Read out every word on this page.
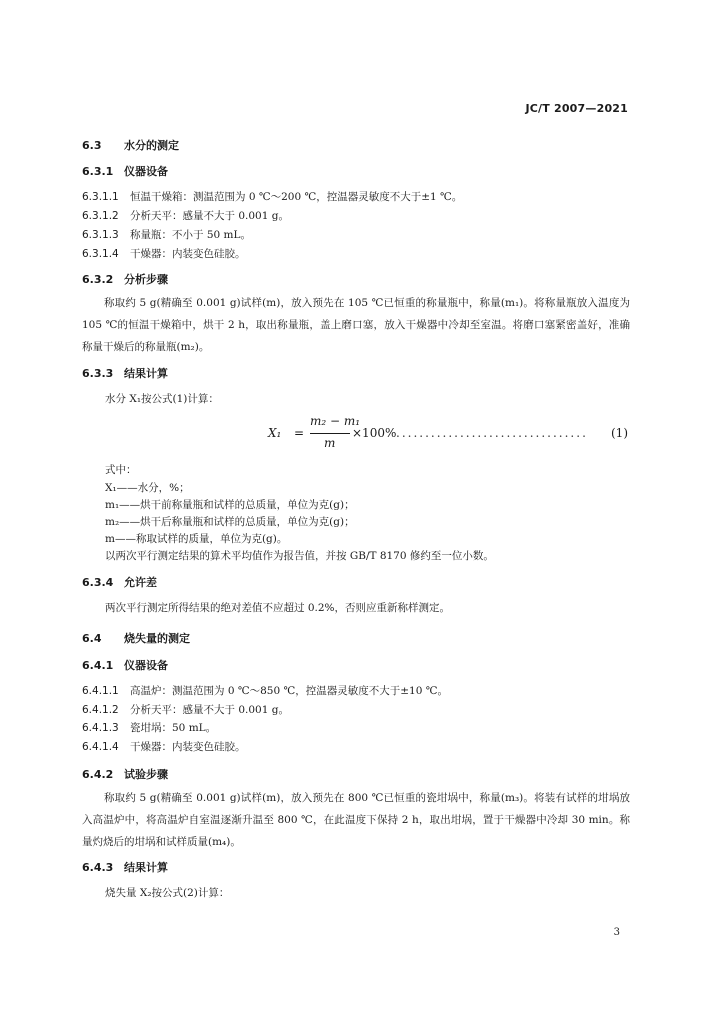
JC/T 2007—2021
6.3 水分的测定
6.3.1 仪器设备
6.3.1.1 恒温干燥箱：测温范围为 0 ℃～200 ℃，控温器灵敏度不大于±1 ℃。
6.3.1.2 分析天平：感量不大于 0.001 g。
6.3.1.3 称量瓶：不小于 50 mL。
6.3.1.4 干燥器：内装变色硅胶。
6.3.2 分析步骤
称取约 5 g(精确至 0.001 g)试样(m)，放入预先在 105 ℃已恒重的称量瓶中，称量(m₁)。将称量瓶放入温度为 105 ℃的恒温干燥箱中，烘干 2 h，取出称量瓶，盖上磨口塞，放入干燥器中冷却至室温。将磨口塞紧密盖好，准确称量干燥后的称量瓶(m₂)。
6.3.3 结果计算
水分 X₁按公式(1)计算：
X₁ =
m₂ − m₁
m
×100% ................................. (1)
式中：
X₁——水分，%；
m₁——烘干前称量瓶和试样的总质量，单位为克(g)；
m₂——烘干后称量瓶和试样的总质量，单位为克(g)；
m——称取试样的质量，单位为克(g)。
以两次平行测定结果的算术平均值作为报告值，并按 GB/T 8170 修约至一位小数。
6.3.4 允许差
两次平行测定所得结果的绝对差值不应超过 0.2%，否则应重新称样测定。
6.4 烧失量的测定
6.4.1 仪器设备
6.4.1.1 高温炉：测温范围为 0 ℃～850 ℃，控温器灵敏度不大于±10 ℃。
6.4.1.2 分析天平：感量不大于 0.001 g。
6.4.1.3 瓷坩埚：50 mL。
6.4.1.4 干燥器：内装变色硅胶。
6.4.2 试验步骤
称取约 5 g(精确至 0.001 g)试样(m)，放入预先在 800 ℃已恒重的瓷坩埚中，称量(m₃)。将装有试样的坩埚放入高温炉中，将高温炉自室温逐渐升温至 800 ℃，在此温度下保持 2 h，取出坩埚，置于干燥器中冷却 30 min。称量灼烧后的坩埚和试样质量(m₄)。
6.4.3 结果计算
烧失量 X₂按公式(2)计算：
3
